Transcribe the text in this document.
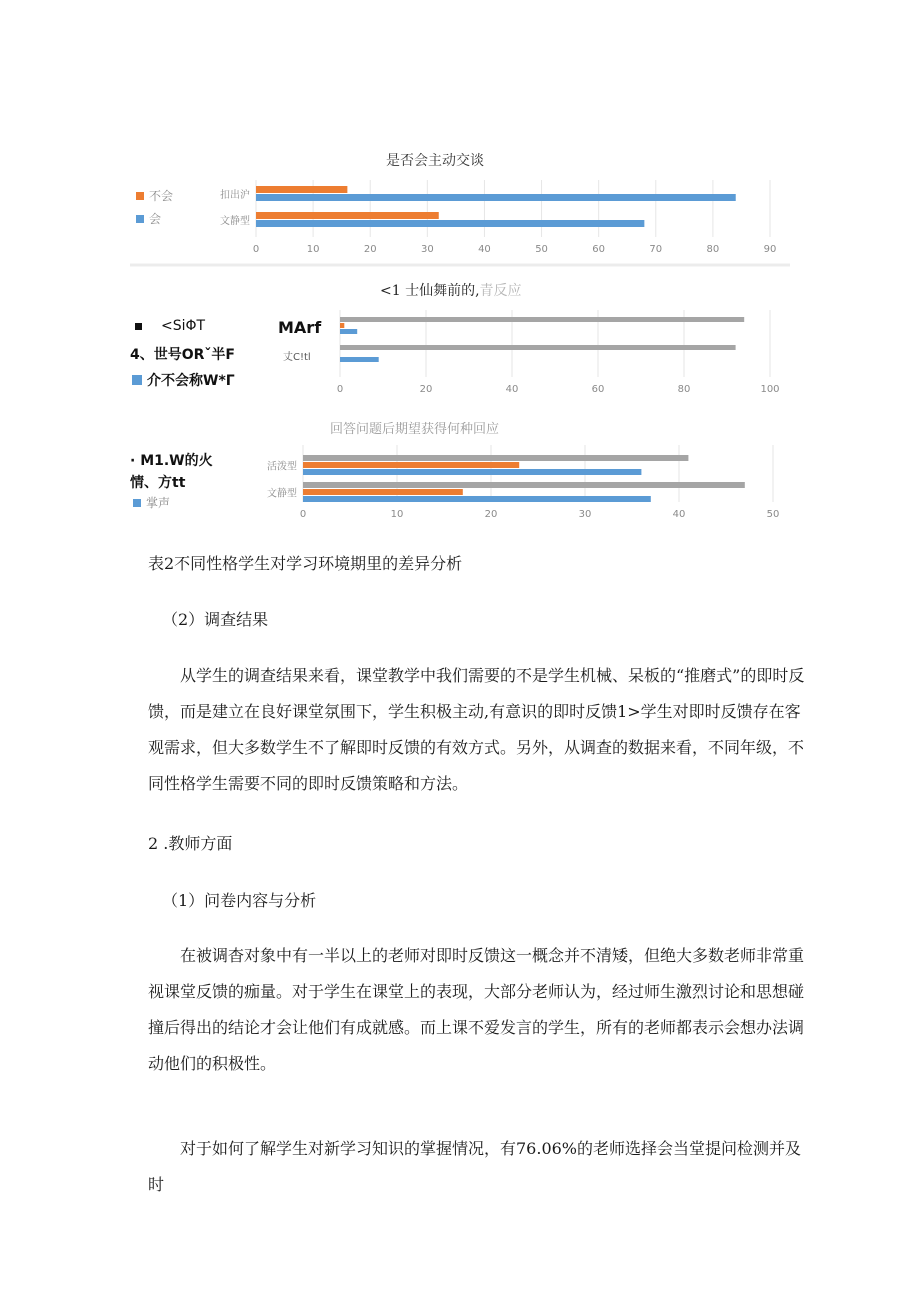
是否会主动交谈
不会
会
0	10	20	30	40	50	60	70	80	90
扣出沪
文静型
<1 士仙舞前的,青反应
<SiΦT	MArf
4、世号ORˇ半F
介不会称W*Γ
丈C!tl
0	20	40	60	80	100
回答问题后期望获得何种回应
· M1.W的火
情、方tt
掌声
0	10	20	30	40	50
活泼型
文静型
表2不同性格学生对学习环境期里的差异分析
（2）调查结果

从学生的调查结果来看，课堂教学中我们需要的不是学生机械、呆板的“推磨式”的即时反馈，而是建立在良好课堂氛围下，学生积极主动,有意识的即时反馈1>学生对即时反馈存在客观需求，但大多数学生不了解即时反馈的有效方式。另外，从调查的数据来看，不同年级，不同性格学生需要不同的即时反馈策略和方法。

2 .教师方面
（1）问卷内容与分析

在被调杳对象中有一半以上的老师对即时反馈这一概念并不清矮，但绝大多数老师非常重视课堂反馈的痂量。对于学生在课堂上的表现，大部分老师认为，经过师生激烈讨论和思想碰撞后得出的结论才会让他们有成就感。而上课不爱发言的学生，所有的老师都表示会想办法调动他们的积极性。

对于如何了解学生对新学习知识的掌握情况，有76.06%的老师选择会当堂提问检测并及时
